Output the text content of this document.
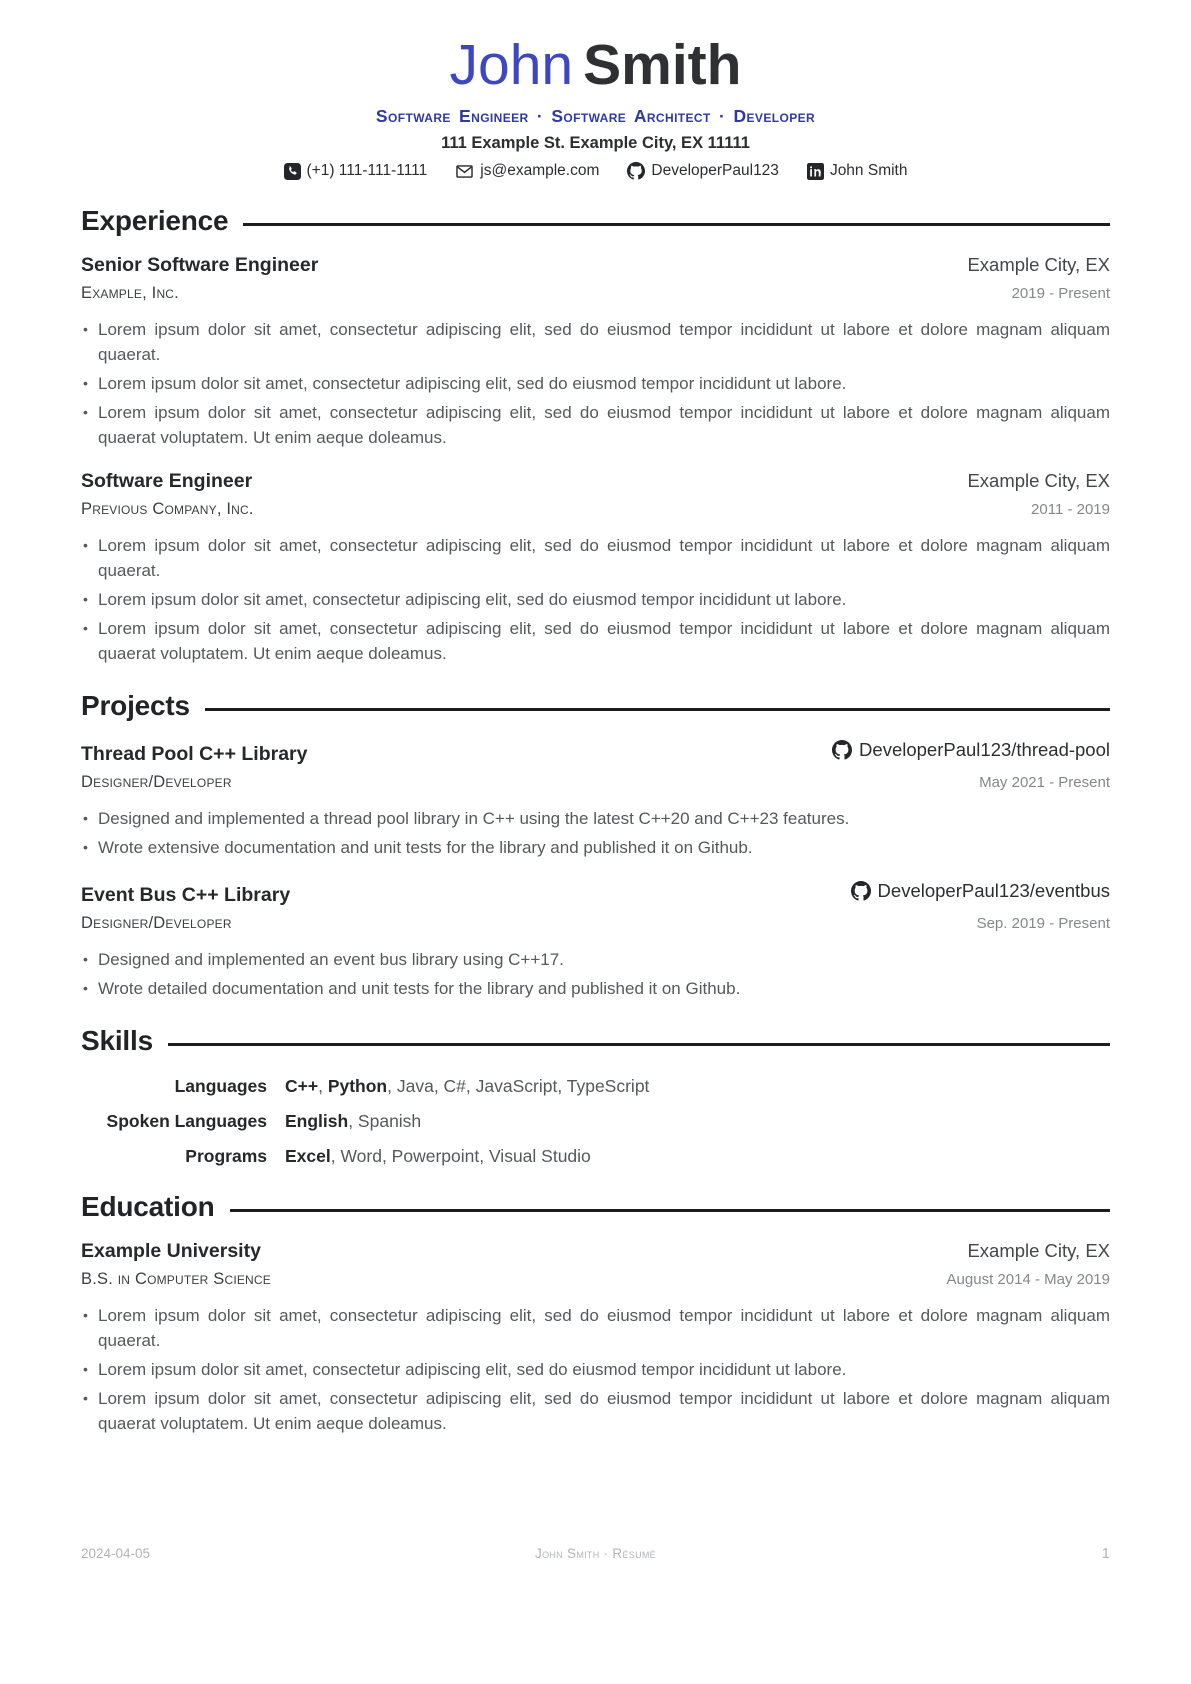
John Smith
Software Engineer · Software Architect · Developer
111 Example St. Example City, EX 11111
(+1) 111-111-1111	js@example.com	DeveloperPaul123	John Smith
Experience
Senior Software Engineer	Example City, EX
Example, Inc.	2019 - Present
• Lorem ipsum dolor sit amet, consectetur adipiscing elit, sed do eiusmod tempor incididunt ut labore et dolore magnam aliquam quaerat.
• Lorem ipsum dolor sit amet, consectetur adipiscing elit, sed do eiusmod tempor incididunt ut labore.
• Lorem ipsum dolor sit amet, consectetur adipiscing elit, sed do eiusmod tempor incididunt ut labore et dolore magnam aliquam quaerat voluptatem. Ut enim aeque doleamus.
Software Engineer	Example City, EX
Previous Company, Inc.	2011 - 2019
• Lorem ipsum dolor sit amet, consectetur adipiscing elit, sed do eiusmod tempor incididunt ut labore et dolore magnam aliquam quaerat.
• Lorem ipsum dolor sit amet, consectetur adipiscing elit, sed do eiusmod tempor incididunt ut labore.
• Lorem ipsum dolor sit amet, consectetur adipiscing elit, sed do eiusmod tempor incididunt ut labore et dolore magnam aliquam quaerat voluptatem. Ut enim aeque doleamus.
Projects
Thread Pool C++ Library	DeveloperPaul123/thread-pool
Designer/Developer	May 2021 - Present
• Designed and implemented a thread pool library in C++ using the latest C++20 and C++23 features.
• Wrote extensive documentation and unit tests for the library and published it on Github.
Event Bus C++ Library	DeveloperPaul123/eventbus
Designer/Developer	Sep. 2019 - Present
• Designed and implemented an event bus library using C++17.
• Wrote detailed documentation and unit tests for the library and published it on Github.
Skills
Languages C++, Python, Java, C#, JavaScript, TypeScript
Spoken Languages English, Spanish
Programs Excel, Word, Powerpoint, Visual Studio
Education
Example University	Example City, EX
B.S. in Computer Science	August 2014 - May 2019
• Lorem ipsum dolor sit amet, consectetur adipiscing elit, sed do eiusmod tempor incididunt ut labore et dolore magnam aliquam quaerat.
• Lorem ipsum dolor sit amet, consectetur adipiscing elit, sed do eiusmod tempor incididunt ut labore.
• Lorem ipsum dolor sit amet, consectetur adipiscing elit, sed do eiusmod tempor incididunt ut labore et dolore magnam aliquam quaerat voluptatem. Ut enim aeque doleamus.
2024-04-05	John Smith · Résumé	1
